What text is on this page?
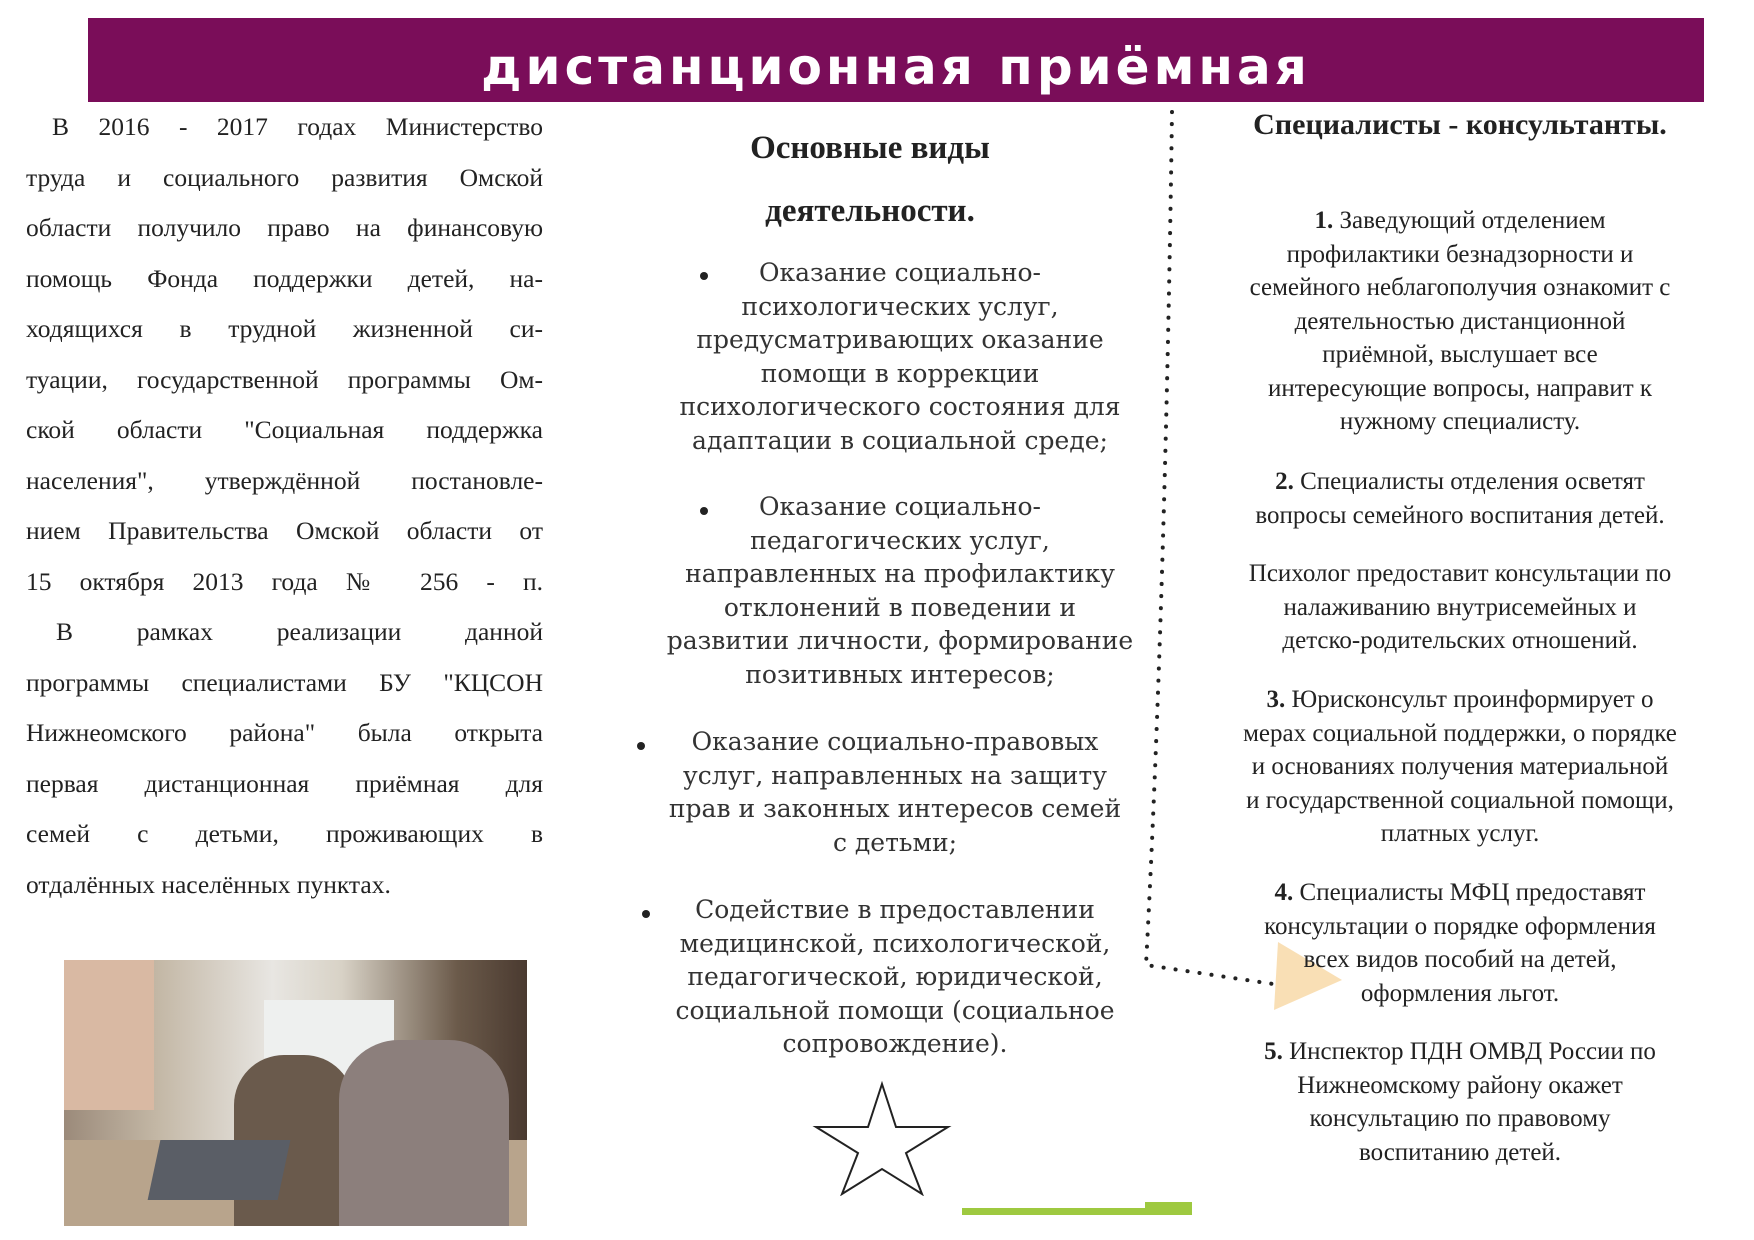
дистанционная приёмная

В 2016 - 2017 годах Министерство

труда и социального развития Омской

области получило право на финансовую

помощь Фонда поддержки детей, на-

ходящихся в трудной жизненной си-

туации, государственной программы Ом-

ской области "Социальная поддержка

населения", утверждённой постановле-

нием Правительства Омской области от

15 октября 2013 года № 256 - п.

В рамках реализации данной

программы специалистами БУ "КЦСОН

Нижнеомского района" была открыта

первая дистанционная приёмная для

семей с детьми, проживающих в

отдалённых населённых пунктах.

Основные виды
деятельности.
Оказание социально-
психологических услуг,
предусматривающих оказание
помощи в коррекции
психологического состояния для
адаптации в социальной среде;
Оказание социально-
педагогических услуг,
направленных на профилактику
отклонений в поведении и
развитии личности, формирование
позитивных интересов;
Оказание социально-правовых
услуг, направленных на защиту
прав и законных интересов семей
с детьми;
Содействие в предоставлении
медицинской, психологической,
педагогической, юридической,
социальной помощи (социальное
сопровождение).
Специалисты - консультанты.
1. Заведующий отделением
профилактики безнадзорности и
семейного неблагополучия ознакомит с
деятельностью дистанционной
приёмной, выслушает все
интересующие вопросы, направит к
нужному специалисту.
2. Специалисты отделения осветят
вопросы семейного воспитания детей.
Психолог предоставит консультации по
налаживанию внутрисемейных и
детско-родительских отношений.
3. Юрисконсульт проинформирует о
мерах социальной поддержки, о порядке
и основаниях получения материальной
и государственной социальной помощи,
платных услуг.
4. Специалисты МФЦ предоставят
консультации о порядке оформления
всех видов пособий на детей,
оформления льгот.
5. Инспектор ПДН ОМВД России по
Нижнеомскому району окажет
консультацию по правовому
воспитанию детей.
